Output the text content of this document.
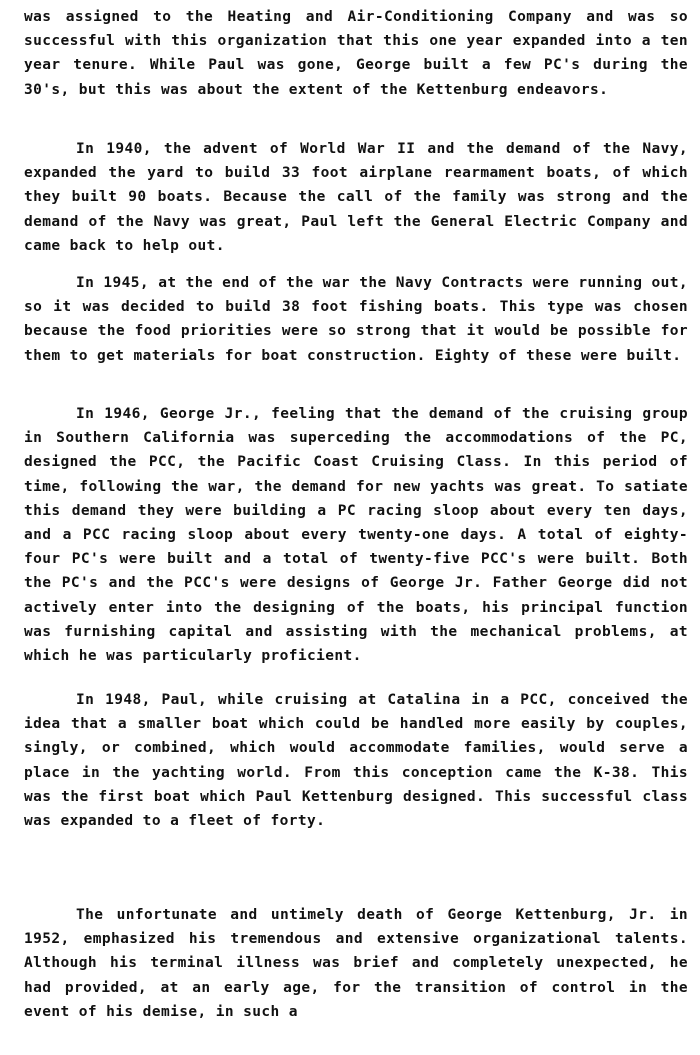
was assigned to the Heating and Air-Conditioning Company and was so successful with this organization that this one year expanded into a ten year tenure. While Paul was gone, George built a few PC's during the 30's, but this was about the extent of the Kettenburg endeavors.

In 1940, the advent of World War II and the demand of the Navy, expanded the yard to build 33 foot airplane rearmament boats, of which they built 90 boats. Because the call of the family was strong and the demand of the Navy was great, Paul left the General Electric Company and came back to help out.

In 1945, at the end of the war the Navy Contracts were running out, so it was decided to build 38 foot fishing boats. This type was chosen because the food priorities were so strong that it would be possible for them to get materials for boat construction. Eighty of these were built.

In 1946, George Jr., feeling that the demand of the cruising group in Southern California was superceding the accommodations of the PC, designed the PCC, the Pacific Coast Cruising Class. In this period of time, following the war, the demand for new yachts was great. To satiate this demand they were building a PC racing sloop about every ten days, and a PCC racing sloop about every twenty-one days. A total of eighty-four PC's were built and a total of twenty-five PCC's were built. Both the PC's and the PCC's were designs of George Jr. Father George did not actively enter into the designing of the boats, his principal function was furnishing capital and assisting with the mechanical problems, at which he was particularly proficient.

In 1948, Paul, while cruising at Catalina in a PCC, conceived the idea that a smaller boat which could be handled more easily by couples, singly, or combined, which would accommodate families, would serve a place in the yachting world. From this conception came the K-38. This was the first boat which Paul Kettenburg designed. This successful class was expanded to a fleet of forty.

The unfortunate and untimely death of George Kettenburg, Jr. in 1952, emphasized his tremendous and extensive organizational talents. Although his terminal illness was brief and completely unexpected, he had provided, at an early age, for the transition of control in the event of his demise, in such a
